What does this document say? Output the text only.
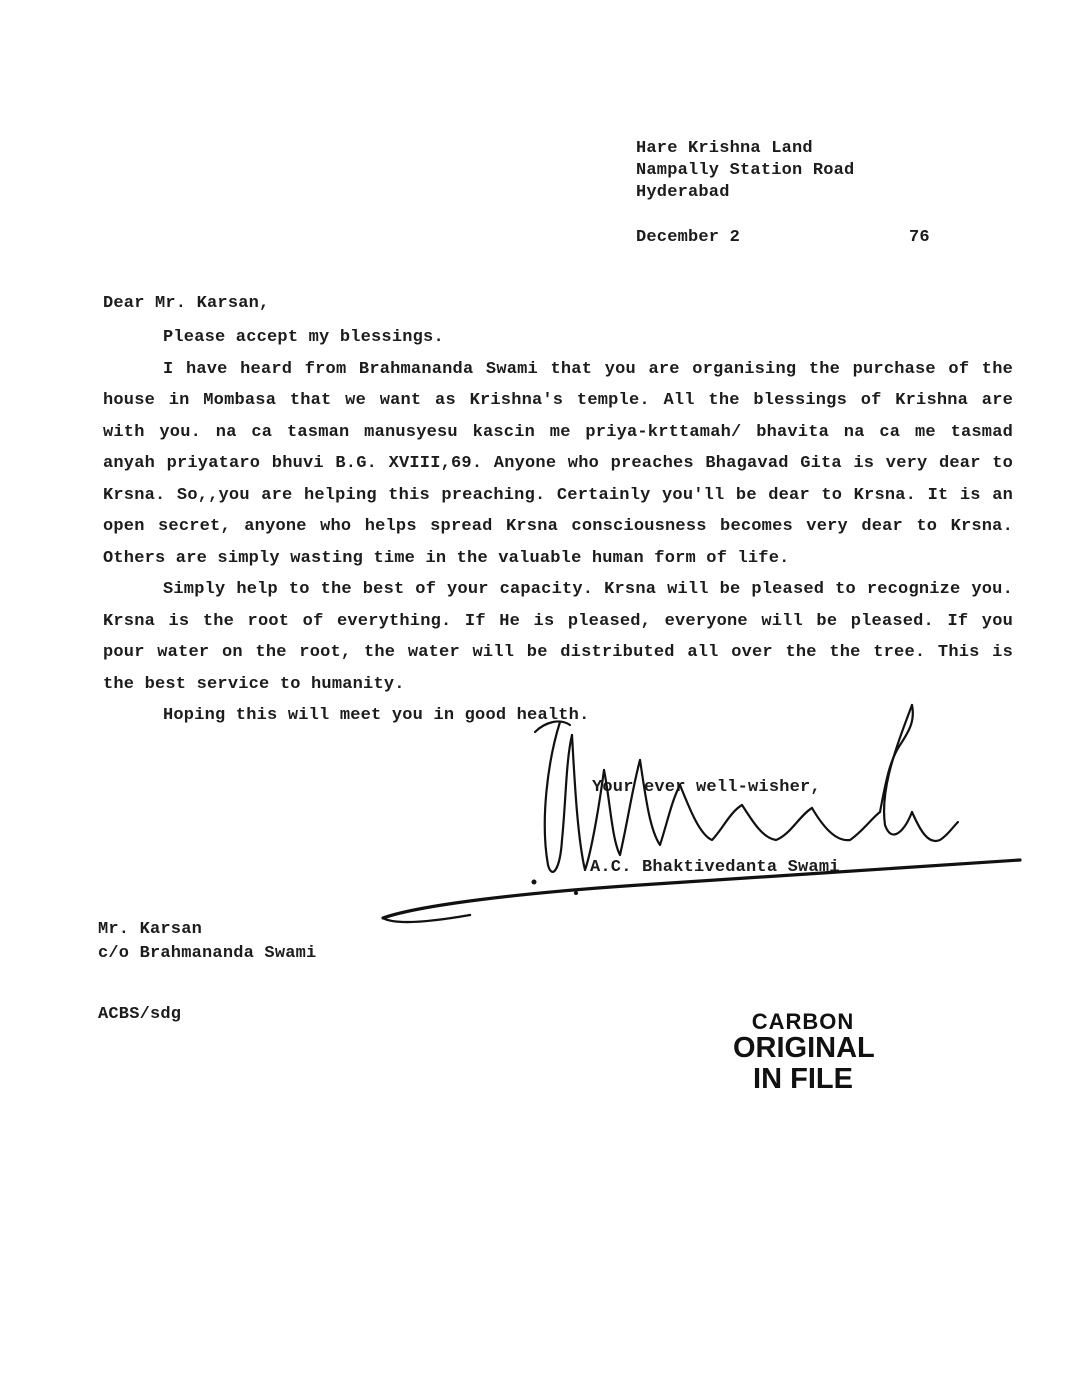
Hare Krishna Land
Nampally Station Road
Hyderabad
December 2	76
Dear Mr. Karsan,

Please accept my blessings.

I have heard from Brahmananda Swami that you are organising the purchase of the house in Mombasa that we want as Krishna's temple. All the blessings of Krishna are with you. na ca tasman manusyesu kascin me priya-krttamah/ bhavita na ca me tasmad anyah priyataro bhuvi B.G. XVIII,69. Anyone who preaches Bhagavad Gita is very dear to Krsna. So,,you are helping this preaching. Certainly you'll be dear to Krsna. It is an open secret, anyone who helps spread Krsna consciousness becomes very dear to Krsna. Others are simply wasting time in the valuable human form of life.

Simply help to the best of your capacity. Krsna will be pleased to recognize you. Krsna is the root of everything. If He is pleased, everyone will be pleased. If you pour water on the root, the water will be distributed all over the the tree. This is the best service to humanity.

Hoping this will meet you in good health.

Your ever well-wisher,
A.C. Bhaktivedanta Swami
Mr. Karsan
c/o Brahmananda Swami
ACBS/sdg	CARBON
ORIGINAL
IN FILE
